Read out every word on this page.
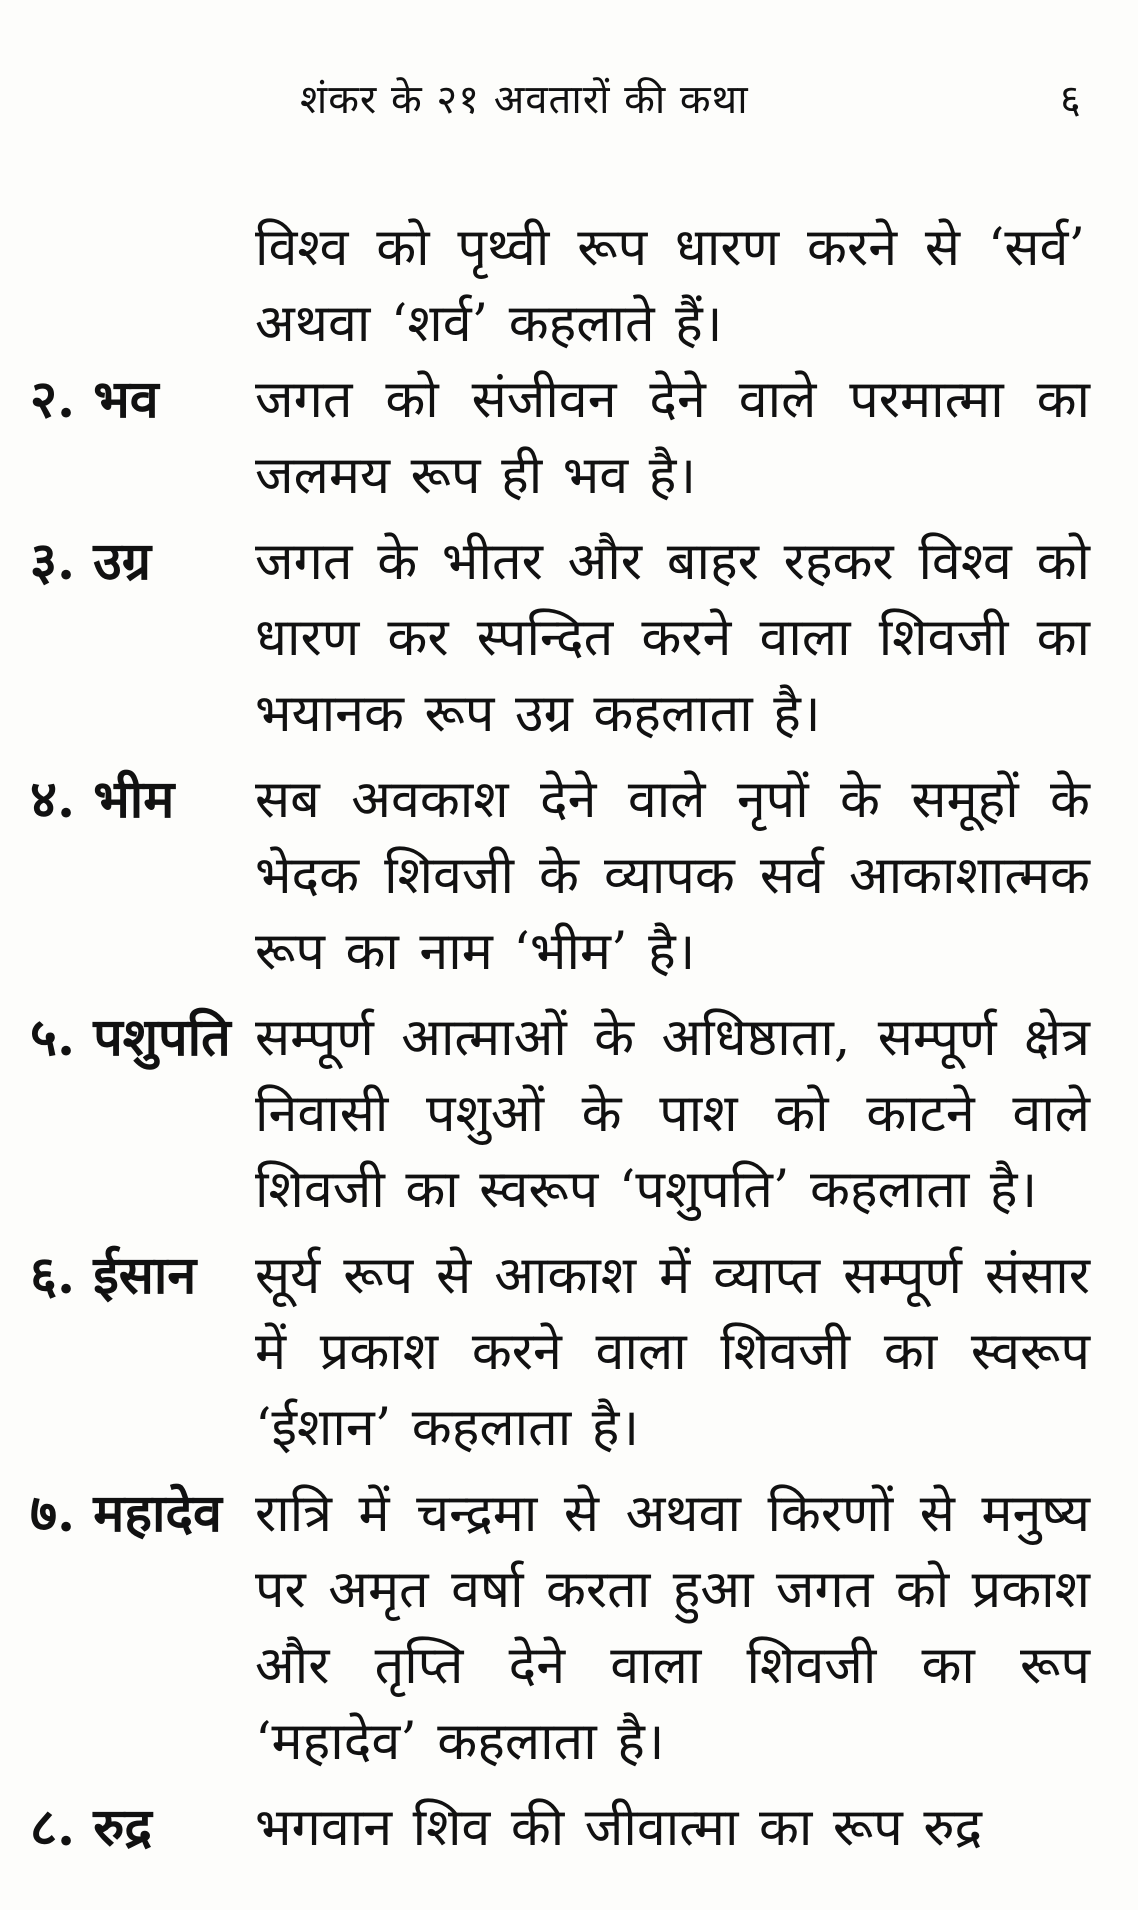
शंकर के २१ अवतारों की कथा	६
विश्व को पृथ्वी रूप धारण करने से ‘सर्व’ अथवा ‘शर्व’ कहलाते हैं।
२. भव जगत को संजीवन देने वाले परमात्मा का जलमय रूप ही भव है।
३. उग्र जगत के भीतर और बाहर रहकर विश्व को धारण कर स्पन्दित करने वाला शिवजी का भयानक रूप उग्र कहलाता है।
४. भीम सब अवकाश देने वाले नृपों के समूहों के भेदक शिवजी के व्यापक सर्व आकाशात्मक रूप का नाम ‘भीम’ है।
५. पशुपति सम्पूर्ण आत्माओं के अधिष्ठाता, सम्पूर्ण क्षेत्र निवासी पशुओं के पाश को काटने वाले शिवजी का स्वरूप ‘पशुपति’ कहलाता है।
६. ईसान सूर्य रूप से आकाश में व्याप्त सम्पूर्ण संसार में प्रकाश करने वाला शिवजी का स्वरूप ‘ईशान’ कहलाता है।
७. महादेव रात्रि में चन्द्रमा से अथवा किरणों से मनुष्य पर अमृत वर्षा करता हुआ जगत को प्रकाश और तृप्ति देने वाला शिवजी का रूप ‘महादेव’ कहलाता है।
८. रुद्र भगवान शिव की जीवात्मा का रूप रुद्र
